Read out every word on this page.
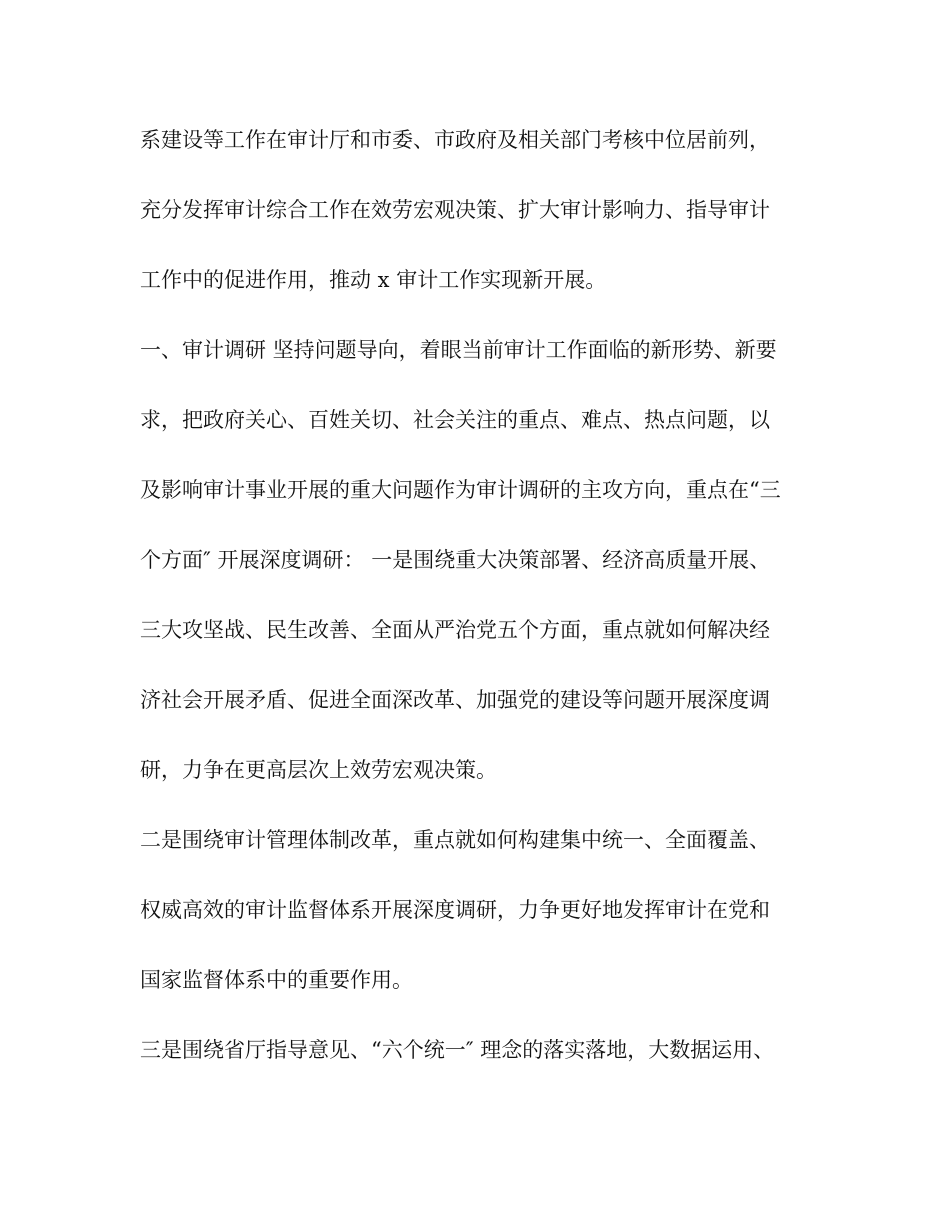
系建设等工作在审计厅和市委、市政府及相关部门考核中位居前列，
充分发挥审计综合工作在效劳宏观决策、扩大审计影响力、指导审计
工作中的促进作用，推动 x 审计工作实现新开展。
一、审计调研 坚持问题导向，着眼当前审计工作面临的新形势、新要
求，把政府关心、百姓关切、社会关注的重点、难点、热点问题，以
及影响审计事业开展的重大问题作为审计调研的主攻方向，重点在“三
个方面″ 开展深度调研： 一是围绕重大决策部署、经济高质量开展、
三大攻坚战、民生改善、全面从严治党五个方面，重点就如何解决经
济社会开展矛盾、促进全面深改革、加强党的建设等问题开展深度调
研，力争在更高层次上效劳宏观决策。
二是围绕审计管理体制改革，重点就如何构建集中统一、全面覆盖、
权威高效的审计监督体系开展深度调研，力争更好地发挥审计在党和
国家监督体系中的重要作用。
三是围绕省厅指导意见、“六个统一″ 理念的落实落地，大数据运用、
